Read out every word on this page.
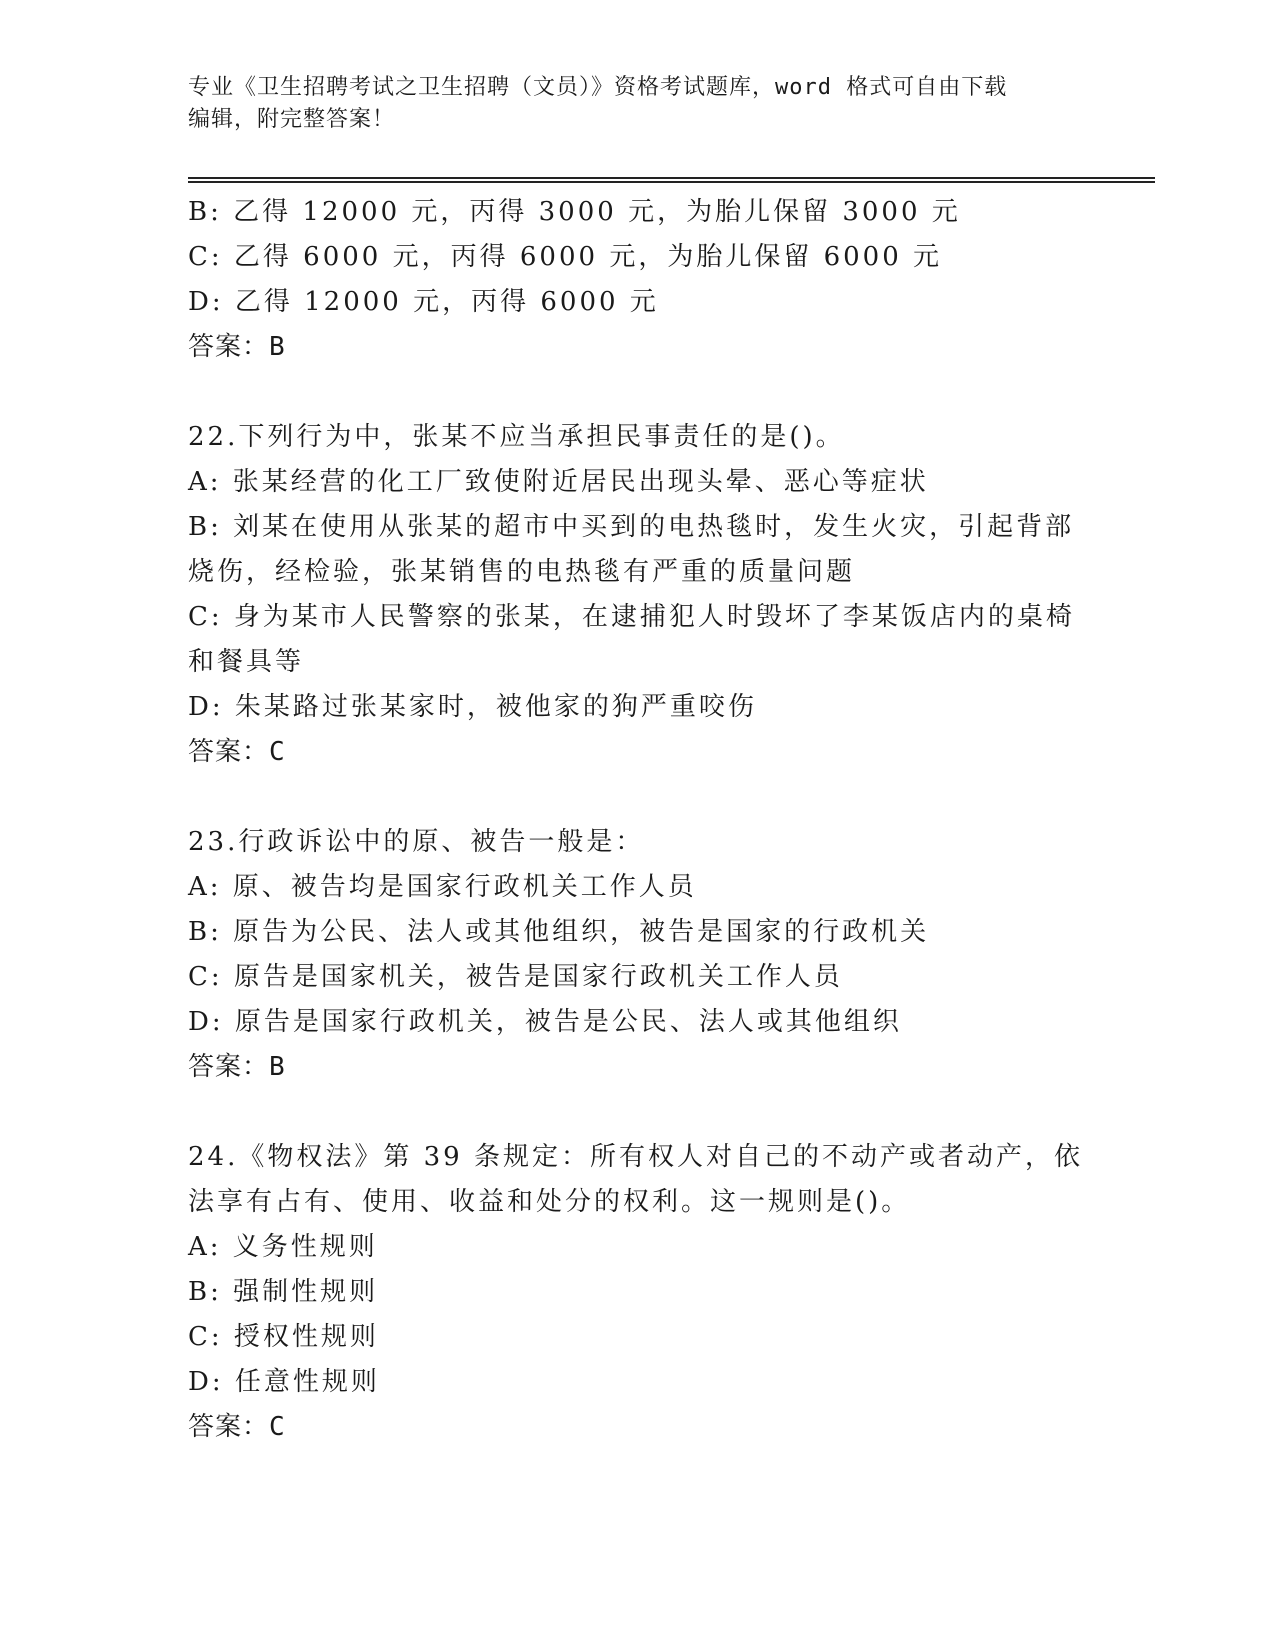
专业《卫生招聘考试之卫生招聘（文员）》资格考试题库，word 格式可自由下载
编辑，附完整答案！
B: 乙得 12000 元，丙得 3000 元，为胎儿保留 3000 元
C: 乙得 6000 元，丙得 6000 元，为胎儿保留 6000 元
D: 乙得 12000 元，丙得 6000 元
答案：B
22.下列行为中，张某不应当承担民事责任的是()。
A: 张某经营的化工厂致使附近居民出现头晕、恶心等症状
B: 刘某在使用从张某的超市中买到的电热毯时，发生火灾，引起背部
烧伤，经检验，张某销售的电热毯有严重的质量问题
C: 身为某市人民警察的张某，在逮捕犯人时毁坏了李某饭店内的桌椅
和餐具等
D: 朱某路过张某家时，被他家的狗严重咬伤
答案：C
23.行政诉讼中的原、被告一般是：
A: 原、被告均是国家行政机关工作人员
B: 原告为公民、法人或其他组织，被告是国家的行政机关
C: 原告是国家机关，被告是国家行政机关工作人员
D: 原告是国家行政机关，被告是公民、法人或其他组织
答案：B
24.《物权法》第 39 条规定：所有权人对自己的不动产或者动产，依
法享有占有、使用、收益和处分的权利。这一规则是()。
A: 义务性规则
B: 强制性规则
C: 授权性规则
D: 任意性规则
答案：C
